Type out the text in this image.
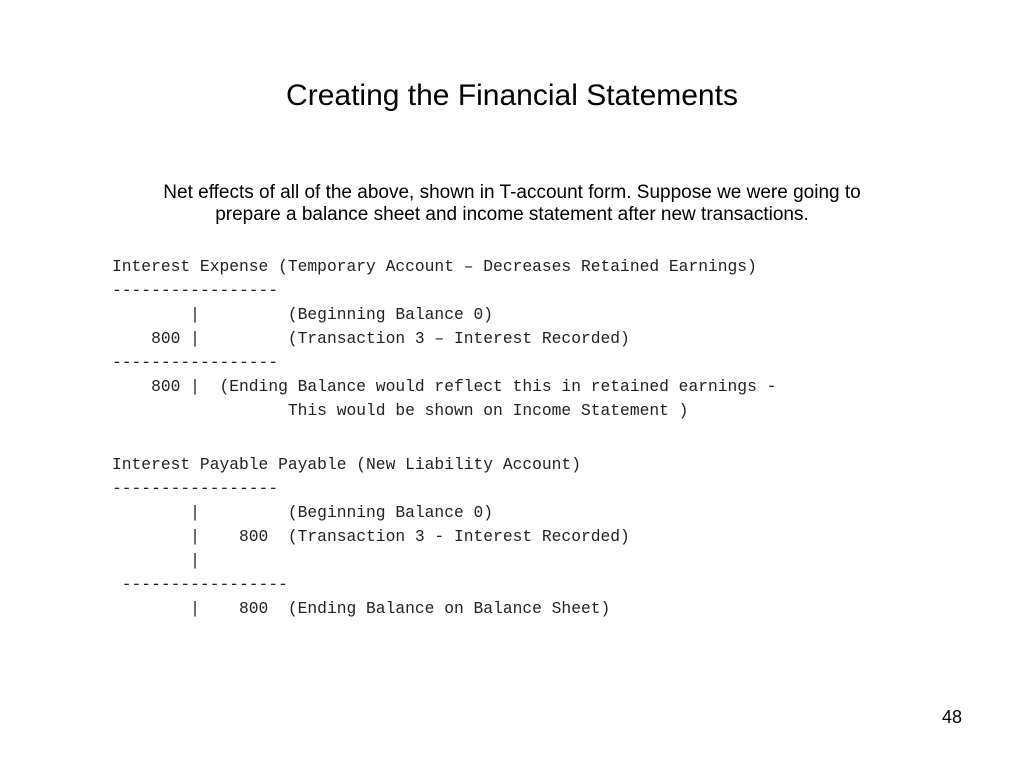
Creating the Financial Statements
Net effects of all of the above, shown in T-account form. Suppose we were going to
prepare a balance sheet and income statement after new transactions.
Interest Expense (Temporary Account – Decreases Retained Earnings)
-----------------
|         (Beginning Balance 0)
800 |         (Transaction 3 – Interest Recorded)
-----------------
800 |  (Ending Balance would reflect this in retained earnings -
This would be shown on Income Statement )
Interest Payable Payable (New Liability Account)
-----------------
|         (Beginning Balance 0)
|    800  (Transaction 3 - Interest Recorded)
|
-----------------
|    800  (Ending Balance on Balance Sheet)
48
